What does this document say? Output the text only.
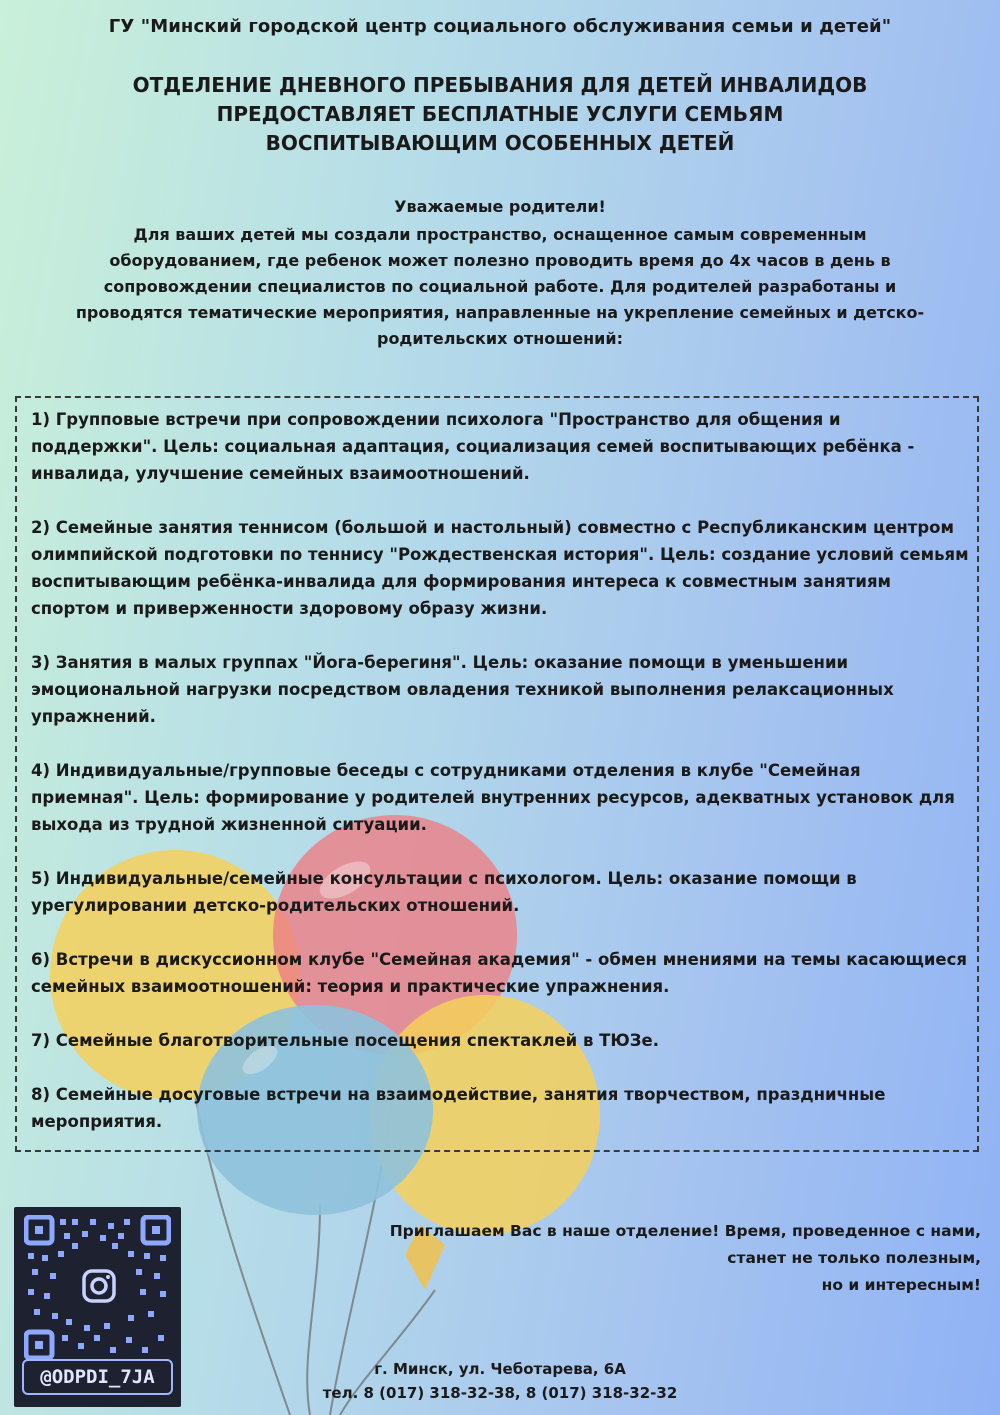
ГУ "Минский городской центр социального обслуживания семьи и детей"
ОТДЕЛЕНИЕ ДНЕВНОГО ПРЕБЫВАНИЯ ДЛЯ ДЕТЕЙ ИНВАЛИДОВ
ПРЕДОСТАВЛЯЕТ БЕСПЛАТНЫЕ УСЛУГИ СЕМЬЯМ
ВОСПИТЫВАЮЩИМ ОСОБЕННЫХ ДЕТЕЙ
Уважаемые родители!
Для ваших детей мы создали пространство, оснащенное самым современным оборудованием, где ребенок может полезно проводить время до 4х часов в день в сопровождении специалистов по социальной работе. Для родителей разработаны и проводятся тематические мероприятия, направленные на укрепление семейных и детско-родительских отношений:

1) Групповые встречи при сопровождении психолога "Пространство для общения и поддержки". Цель: социальная адаптация, социализация семей воспитывающих ребёнка - инвалида, улучшение семейных взаимоотношений.

2) Семейные занятия теннисом (большой и настольный) совместно с Республиканским центром олимпийской подготовки по теннису "Рождественская история". Цель: создание условий семьям воспитывающим ребёнка-инвалида для формирования интереса к совместным занятиям спортом и приверженности здоровому образу жизни.

3) Занятия в малых группах "Йога-берегиня". Цель: оказание помощи в уменьшении эмоциональной нагрузки посредством овладения техникой выполнения релаксационных упражнений.

4) Индивидуальные/групповые беседы с сотрудниками отделения в клубе "Семейная приемная". Цель: формирование у родителей внутренних ресурсов, адекватных установок для выхода из трудной жизненной ситуации.

5) Индивидуальные/семейные консультации с психологом. Цель: оказание помощи в урегулировании детско-родительских отношений.

6) Встречи в дискуссионном клубе "Семейная академия" - обмен мнениями на темы касающиеся семейных взаимоотношений: теория и практические упражнения.

7) Семейные благотворительные посещения спектаклей в ТЮЗе.

8) Семейные досуговые встречи на взаимодействие, занятия творчеством, праздничные мероприятия.

@ODPDI_7JA
Приглашаем Вас в наше отделение! Время, проведенное с нами,
станет не только полезным,
но и интересным!
г. Минск, ул. Чеботарева, 6А
тел. 8 (017) 318-32-38, 8 (017) 318-32-32
